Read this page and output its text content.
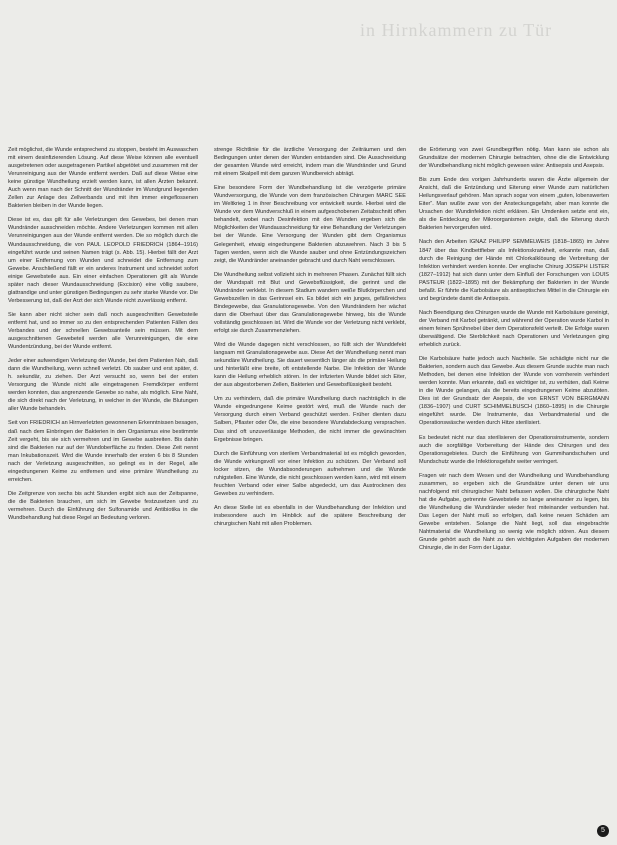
in Hirnkammern zu Tür

Zeit möglichst, die Wunde entsprechend zu stoppen, besteht im Auswaschen mit einem desinfizierenden Lösung. Auf diese Weise können alle eventuell ausgetretenen oder ausgetragenen Partikel abgetötet und zusammen mit der Verunreinigung aus der Wunde entfernt werden. Daß auf diese Weise eine keine günstige Wundheilung erzielt werden kann, ist allen Ärzten bekannt. Auch wenn man nach der Schnitt der Wundränder im Wundgrund liegenden Zellen zur Anlage des Zellverbands und mit ihm immer eingeflossenen Bakterien bleiben in der Wunde liegen.

Diese ist es, das gilt für alle Verletzungen des Gewebes, bei denen man Wundränder ausschneiden möchte. Andere Verletzungen kommen mit allen Verunreinigungen aus der Wunde entfernt werden. Die so möglich durch die Wundausschneidung, die von PAUL LEOPOLD FRIEDRICH (1864–1916) eingeführt wurde und seinen Namen trägt (s. Abb. 15). Hierbei fällt der Arzt um einer Entfernung von Wunden und schneidet die Entfernung zum Gewebe. Anschließend fällt er ein anderes Instrument und schneidet sofort einige Gewebsteile aus. Ein einer einfachen Operationen gilt als Wunde später nach dieser Wundausschneidung (Excision) eine völlig saubere, glattrandige und unter günstigen Bedingungen zu sehr starke Wunde vor. Die Verbesserung ist, daß der Arzt der sich Wunde nicht zuverlässig entfernt.

Sie kann aber nicht sicher sein daß noch ausgeschnitten Gewebsteile entfernt hat, und so immer so zu den entsprechenden Patienten Fällen des Verbandes und der schnellen Gewebsanteile sein müssen. Mit dem ausgeschnittenen Gewebeteil werden alle Verunreinigungen, die eine Wundentzündung, bei der Wunde entfernt.

Jeder einer aufwendigen Verletzung der Wunde, bei dem Patienten Nah, daß dann die Wundheilung, wenn schnell verletzt. Ob sauber und erst später, d. h. sekundär, zu ziehen. Der Arzt versucht so, wenn bei der ersten Versorgung die Wunde nicht alle eingetragenen Fremdkörper entfernt werden konnten, das angrenzende Gewebe so nahe, als möglich. Eine Naht, die sich direkt nach der Verletzung, in welcher in der Wunde, die Blutungen aller Wunde behandeln.

Seit von FRIEDRICH an Hirnverletzten gewonnenen Erkenntnissen besagen, daß nach dem Einbringen der Bakterien in den Organismus eine bestimmte Zeit vergeht, bis sie sich vermehren und im Gewebe ausbreiten. Bis dahin sind die Bakterien nur auf der Wundoberfläche zu finden. Diese Zeit nennt man Inkubationszeit. Wird die Wunde innerhalb der ersten 6 bis 8 Stunden nach der Verletzung ausgeschnitten, so gelingt es in der Regel, alle eingedrungenen Keime zu entfernen und eine primäre Wundheilung zu erreichen.

Die Zeitgrenze von sechs bis acht Stunden ergibt sich aus der Zeitspanne, die die Bakterien brauchen, um sich im Gewebe festzusetzen und zu vermehren. Durch die Einführung der Sulfonamide und Antibiotika in die Wundbehandlung hat diese Regel an Bedeutung verloren.

strenge Richtlinie für die ärztliche Versorgung der Zeiträumen und den Bedingungen unter denen der Wunden entstanden sind. Die Ausschneidung der gesamten Wunde wird erreicht, indem man die Wundränder und Grund mit einem Skalpell mit dem ganzen Wundbereich abträgt.

Eine besondere Form der Wundbehandlung ist die verzögerte primäre Wundversorgung, die Wunde von dem französischen Chirurgen MARC SEE im Weltkrieg 1 in ihrer Beschreibung vor entwickelt wurde. Hierbei wird die Wunde vor dem Wundverschluß in einem aufgeschobenen Zeitabschnitt offen behandelt, wobei nach Desinfektion mit den Wunden ergeben sich die Möglichkeiten der Wundausschneidung für eine Behandlung der Verletzungen bei der Wunde. Eine Versorgung der Wunden gibt dem Organismus Gelegenheit, etwaig eingedrungene Bakterien abzuwehren. Nach 3 bis 5 Tagen werden, wenn sich die Wunde sauber und ohne Entzündungszeichen zeigt, die Wundränder aneinander gebracht und durch Naht verschlossen.

Die Wundheilung selbst vollzieht sich in mehreren Phasen. Zunächst füllt sich der Wundspalt mit Blut und Gewebsflüssigkeit, die gerinnt und die Wundränder verklebt. In diesem Stadium wandern weiße Blutkörperchen und Gewebszellen in das Gerinnsel ein. Es bildet sich ein junges, gefäßreiches Bindegewebe, das Granulationsgewebe. Von den Wundrändern her wächst dann die Oberhaut über das Granulationsgewebe hinweg, bis die Wunde vollständig geschlossen ist. Wird die Wunde vor der Verletzung nicht verklebt, erfolgt sie durch Zusammenziehen.

Wird die Wunde dagegen nicht verschlossen, so füllt sich der Wunddefekt langsam mit Granulationsgewebe aus. Diese Art der Wundheilung nennt man sekundäre Wundheilung. Sie dauert wesentlich länger als die primäre Heilung und hinterläßt eine breite, oft entstellende Narbe. Die Infektion der Wunde kann die Heilung erheblich stören. In der infizierten Wunde bildet sich Eiter, der aus abgestorbenen Zellen, Bakterien und Gewebsflüssigkeit besteht.

Um zu verhindern, daß die primäre Wundheilung durch nachträglich in die Wunde eingedrungene Keime gestört wird, muß die Wunde nach der Versorgung durch einen Verband geschützt werden. Früher dienten dazu Salben, Pflaster oder Öle, die eine besondere Wundabdeckung versprachen. Das sind oft unzuverlässige Methoden, die nicht immer die gewünschten Ergebnisse bringen.

Durch die Einführung von sterilem Verbandmaterial ist es möglich geworden, die Wunde wirkungsvoll vor einer Infektion zu schützen. Der Verband soll locker sitzen, die Wundabsonderungen aufnehmen und die Wunde ruhigstellen. Eine Wunde, die nicht geschlossen werden kann, wird mit einem feuchten Verband oder einer Salbe abgedeckt, um das Austrocknen des Gewebes zu verhindern.

An diese Stelle ist es ebenfalls in der Wundbehandlung der Infektion und insbesondere auch im Hinblick auf die spätere Beschreibung der chirurgischen Naht mit allen Problemen.

die Erörterung von zwei Grundbegriffen nötig. Man kann sie schon als Grundsätze der modernen Chirurgie betrachten, ohne die die Entwicklung der Wundbehandlung nicht möglich gewesen wäre: Antisepsis und Asepsis.

Bis zum Ende des vorigen Jahrhunderts waren die Ärzte allgemein der Ansicht, daß die Entzündung und Eiterung einer Wunde zum natürlichen Heilungsverlauf gehören. Man sprach sogar von einem „guten, lobenswerten Eiter“. Man wußte zwar von der Ansteckungsgefahr, aber man konnte die Ursachen der Wundinfektion nicht erklären. Ein Umdenken setzte erst ein, als die Entdeckung der Mikroorganismen zeigte, daß die Eiterung durch Bakterien hervorgerufen wird.

Nach den Arbeiten IGNAZ PHILIPP SEMMELWEIS (1818–1865) im Jahre 1847 über das Kindbettfieber als Infektionskrankheit, erkannte man, daß durch die Reinigung der Hände mit Chlorkalklösung die Verbreitung der Infektion verhindert werden konnte. Der englische Chirurg JOSEPH LISTER (1827–1912) hat sich dann unter dem Einfluß der Forschungen von LOUIS PASTEUR (1822–1895) mit der Bekämpfung der Bakterien in der Wunde befaßt. Er führte die Karbolsäure als antiseptisches Mittel in die Chirurgie ein und begründete damit die Antisepsis.

Nach Beendigung des Chirurgen wurde die Wunde mit Karbolsäure gereinigt, der Verband mit Karbol getränkt, und während der Operation wurde Karbol in einem feinen Sprühnebel über dem Operationsfeld verteilt. Die Erfolge waren überwältigend. Die Sterblichkeit nach Operationen und Verletzungen ging erheblich zurück.

Die Karbolsäure hatte jedoch auch Nachteile. Sie schädigte nicht nur die Bakterien, sondern auch das Gewebe. Aus diesem Grunde suchte man nach Methoden, bei denen eine Infektion der Wunde von vornherein verhindert werden konnte. Man erkannte, daß es wichtiger ist, zu verhüten, daß Keime in die Wunde gelangen, als die bereits eingedrungenen Keime abzutöten. Dies ist der Grundsatz der Asepsis, die von ERNST VON BERGMANN (1836–1907) und CURT SCHIMMELBUSCH (1860–1895) in die Chirurgie eingeführt wurde. Die Instrumente, das Verbandmaterial und die Operationswäsche werden durch Hitze sterilisiert.

Es bedeutet nicht nur das sterilisieren der Operationsinstrumente, sondern auch die sorgfältige Vorbereitung der Hände des Chirurgen und des Operationsgebietes. Durch die Einführung von Gummihandschuhen und Mundschutz wurde die Infektionsgefahr weiter verringert.

Fragen wir nach dem Wesen und der Wundheilung und Wundbehandlung zusammen, so ergeben sich die Grundsätze unter denen wir uns nachfolgend mit chirurgischer Naht befassen wollen. Die chirurgische Naht hat die Aufgabe, getrennte Gewebsteile so lange aneinander zu legen, bis die Wundheilung die Wundränder wieder fest miteinander verbunden hat. Das Legen der Naht muß so erfolgen, daß keine neuen Schäden am Gewebe entstehen. Solange die Naht liegt, soll das eingebrachte Nahtmaterial die Wundheilung so wenig wie möglich stören. Aus diesem Grunde gehört auch die Naht zu den wichtigsten Aufgaben der modernen Chirurgie, die in der Form der Ligatur.

5
